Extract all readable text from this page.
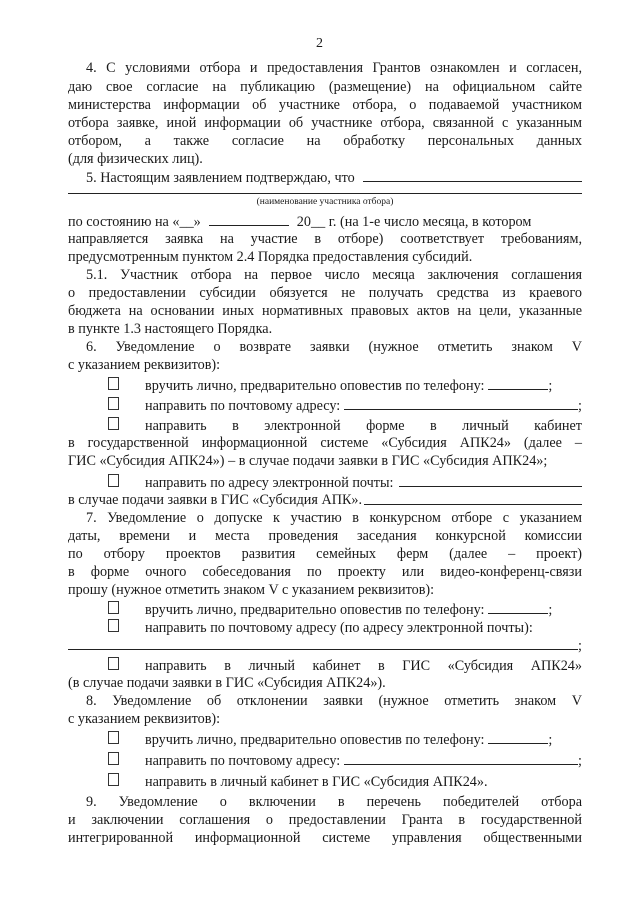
2
4. С условиями отбора и предоставления Грантов ознакомлен и согласен,
даю свое согласие на публикацию (размещение) на официальном сайте
министерства информации об участнике отбора, о подаваемой участником
отбора заявке, иной информации об участнике отбора, связанной с указанным
отбором, а также согласие на обработку персональных данных
(для физических лиц).
5. Настоящим заявлением подтверждаю, что
(наименование участника отбора)
по состоянию на «__»	20__ г. (на 1-е число месяца, в котором
направляется заявка на участие в отборе) соответствует требованиям,
предусмотренным пунктом 2.4 Порядка предоставления субсидий.
5.1. Участник отбора на первое число месяца заключения соглашения
о предоставлении субсидии обязуется не получать средства из краевого
бюджета на основании иных нормативных правовых актов на цели, указанные
в пункте 1.3 настоящего Порядка.
6. Уведомление о возврате заявки (нужное отметить знаком V
с указанием реквизитов):
вручить лично, предварительно оповестив по телефону:	;
направить по почтовому адресу:	;
направить в электронной форме в личный кабинет
в государственной информационной системе «Субсидия АПК24» (далее –
ГИС «Субсидия АПК24») – в случае подачи заявки в ГИС «Субсидия АПК24»;
направить по адресу электронной почты:
в случае подачи заявки в ГИС «Субсидия АПК».
7. Уведомление о допуске к участию в конкурсном отборе с указанием
даты, времени и места проведения заседания конкурсной комиссии
по отбору проектов развития семейных ферм (далее – проект)
в форме очного собеседования по проекту или видео-конференц-связи
прошу (нужное отметить знаком V с указанием реквизитов):
вручить лично, предварительно оповестив по телефону:	;
направить по почтовому адресу (по адресу электронной почты):
;
направить в личный кабинет в ГИС «Субсидия АПК24»
(в случае подачи заявки в ГИС «Субсидия АПК24»).
8. Уведомление об отклонении заявки (нужное отметить знаком V
с указанием реквизитов):
вручить лично, предварительно оповестив по телефону:	;
направить по почтовому адресу:	;
направить в личный кабинет в ГИС «Субсидия АПК24».
9. Уведомление о включении в перечень победителей отбора
и заключении соглашения о предоставлении Гранта в государственной
интегрированной информационной системе управления общественными
